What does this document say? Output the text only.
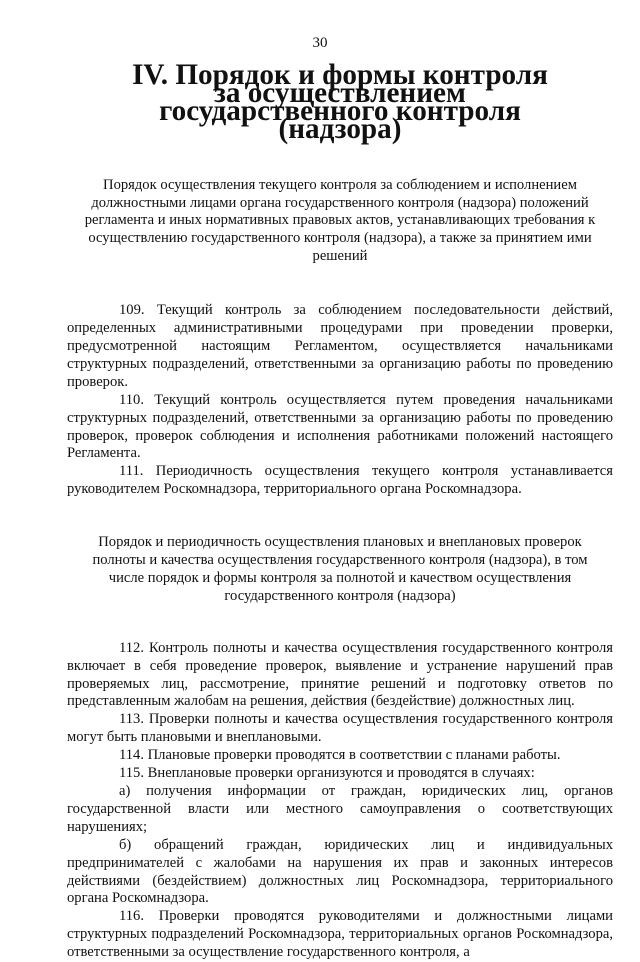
30
IV. Порядок и формы контроля за осуществлением государственного контроля (надзора)

Порядок осуществления текущего контроля за соблюдением и исполнением должностными лицами органа государственного контроля (надзора) положений регламента и иных нормативных правовых актов, устанавливающих требования к осуществлению государственного контроля (надзора), а также за принятием ими решений

109. Текущий контроль за соблюдением последовательности действий, определенных административными процедурами при проведении проверки, предусмотренной настоящим Регламентом, осуществляется начальниками структурных подразделений, ответственными за организацию работы по проведению проверок.

110. Текущий контроль осуществляется путем проведения начальниками структурных подразделений, ответственными за организацию работы по проведению проверок, проверок соблюдения и исполнения работниками положений настоящего Регламента.

111. Периодичность осуществления текущего контроля устанавливается руководителем Роскомнадзора, территориального органа Роскомнадзора.

Порядок и периодичность осуществления плановых и внеплановых проверок полноты и качества осуществления государственного контроля (надзора), в том числе порядок и формы контроля за полнотой и качеством осуществления государственного контроля (надзора)

112. Контроль полноты и качества осуществления государственного контроля включает в себя проведение проверок, выявление и устранение нарушений прав проверяемых лиц, рассмотрение, принятие решений и подготовку ответов по представленным жалобам на решения, действия (бездействие) должностных лиц.

113. Проверки полноты и качества осуществления государственного контроля могут быть плановыми и внеплановыми.

114. Плановые проверки проводятся в соответствии с планами работы.

115. Внеплановые проверки организуются и проводятся в случаях:

а) получения информации от граждан, юридических лиц, органов государственной власти или местного самоуправления о соответствующих нарушениях;

б) обращений граждан, юридических лиц и индивидуальных предпринимателей с жалобами на нарушения их прав и законных интересов действиями (бездействием) должностных лиц Роскомнадзора, территориального органа Роскомнадзора.

116. Проверки проводятся руководителями и должностными лицами структурных подразделений Роскомнадзора, территориальных органов Роскомнадзора, ответственными за осуществление государственного контроля, а
